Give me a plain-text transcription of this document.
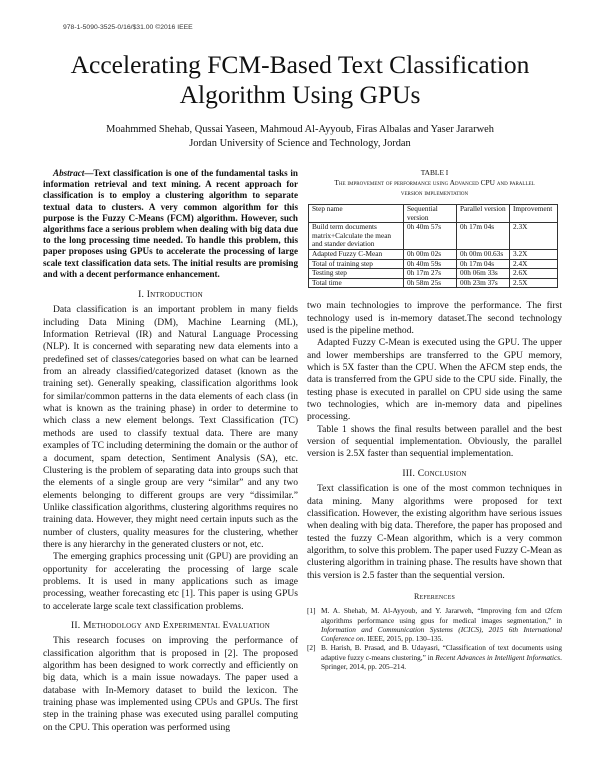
978-1-5090-3525-0/16/$31.00 ©2016 IEEE
Accelerating FCM-Based Text Classification
Algorithm Using GPUs
Moahmmed Shehab, Qussai Yaseen, Mahmoud Al-Ayyoub, Firas Albalas and Yaser Jararweh
Jordan University of Science and Technology, Jordan

Abstract—Text classification is one of the fundamental tasks in information retrieval and text mining. A recent approach for classification is to employ a clustering algorithm to separate textual data to clusters. A very common algorithm for this purpose is the Fuzzy C-Means (FCM) algorithm. However, such algorithms face a serious problem when dealing with big data due to the long processing time needed. To handle this problem, this paper proposes using GPUs to accelerate the processing of large scale text classification data sets. The initial results are promising and with a decent performance enhancement.

I. Introduction

Data classification is an important problem in many fields including Data Mining (DM), Machine Learning (ML), Information Retrieval (IR) and Natural Language Processing (NLP). It is concerned with separating new data elements into a predefined set of classes/categories based on what can be learned from an already classified/categorized dataset (known as the training set). Generally speaking, classification algorithms look for similar/common patterns in the data elements of each class (in what is known as the training phase) in order to determine to which class a new element belongs. Text Classification (TC) methods are used to classify textual data. There are many examples of TC including determining the domain or the author of a document, spam detection, Sentiment Analysis (SA), etc. Clustering is the problem of separating data into groups such that the elements of a single group are very “similar” and any two elements belonging to different groups are very “dissimilar.” Unlike classification algorithms, clustering algorithms requires no training data. However, they might need certain inputs such as the number of clusters, quality measures for the clustering, whether there is any hierarchy in the generated clusters or not, etc.

The emerging graphics processing unit (GPU) are providing an opportunity for accelerating the processing of large scale problems. It is used in many applications such as image processing, weather forecasting etc [1]. This paper is using GPUs to accelerate large scale text classification problems.

II. Methodology and Experimental Evaluation

This research focuses on improving the performance of classification algorithm that is proposed in [2]. The proposed algorithm has been designed to work correctly and efficiently on big data, which is a main issue nowadays. The paper used a database with In-Memory dataset to build the lexicon. The training phase was implemented using CPUs and GPUs. The first step in the training phase was executed using parallel computing on the CPU. This operation was performed using

TABLE I
The improvement of performance using Advanced CPU and parallel version implementation
Step name	Sequential version	Parallel version	Improvement
Build term documents matrix+Calculate the mean and stander deviation	0h 40m 57s	0h 17m 04s	2.3X
Adapted Fuzzy C-Mean	0h 00m 02s	0h 00m 00.63s	3.2X
Total of training step	0h 40m 59s	0h 17m 04s	2.4X
Testing step	0h 17m 27s	00h 06m 33s	2.6X
Total time	0h 58m 25s	00h 23m 37s	2.5X

two main technologies to improve the performance. The first technology used is in-memory dataset.The second technology used is the pipeline method.

Adapted Fuzzy C-Mean is executed using the GPU. The upper and lower memberships are transferred to the GPU memory, which is 5X faster than the CPU. When the AFCM step ends, the data is transferred from the GPU side to the CPU side. Finally, the testing phase is executed in parallel on CPU side using the same two technologies, which are in-memory data and pipelines processing.

Table 1 shows the final results between parallel and the best version of sequential implementation. Obviously, the parallel version is 2.5X faster than sequential implementation.

III. Conclusion

Text classification is one of the most common techniques in data mining. Many algorithms were proposed for text classification. However, the existing algorithm have serious issues when dealing with big data. Therefore, the paper has proposed and tested the fuzzy C-Mean algorithm, which is a very common algorithm, to solve this problem. The paper used Fuzzy C-Mean as clustering algorithm in training phase. The results have shown that this version is 2.5 faster than the sequential version.

References
[1] M. A. Shehab, M. Al-Ayyoub, and Y. Jararweh, “Improving fcm and t2fcm algorithms performance using gpus for medical images segmentation,” in Information and Communication Systems (ICICS), 2015 6th International Conference on. IEEE, 2015, pp. 130–135.
[2] B. Harish, B. Prasad, and B. Udayasri, “Classification of text documents using adaptive fuzzy c-means clustering,” in Recent Advances in Intelligent Informatics. Springer, 2014, pp. 205–214.
